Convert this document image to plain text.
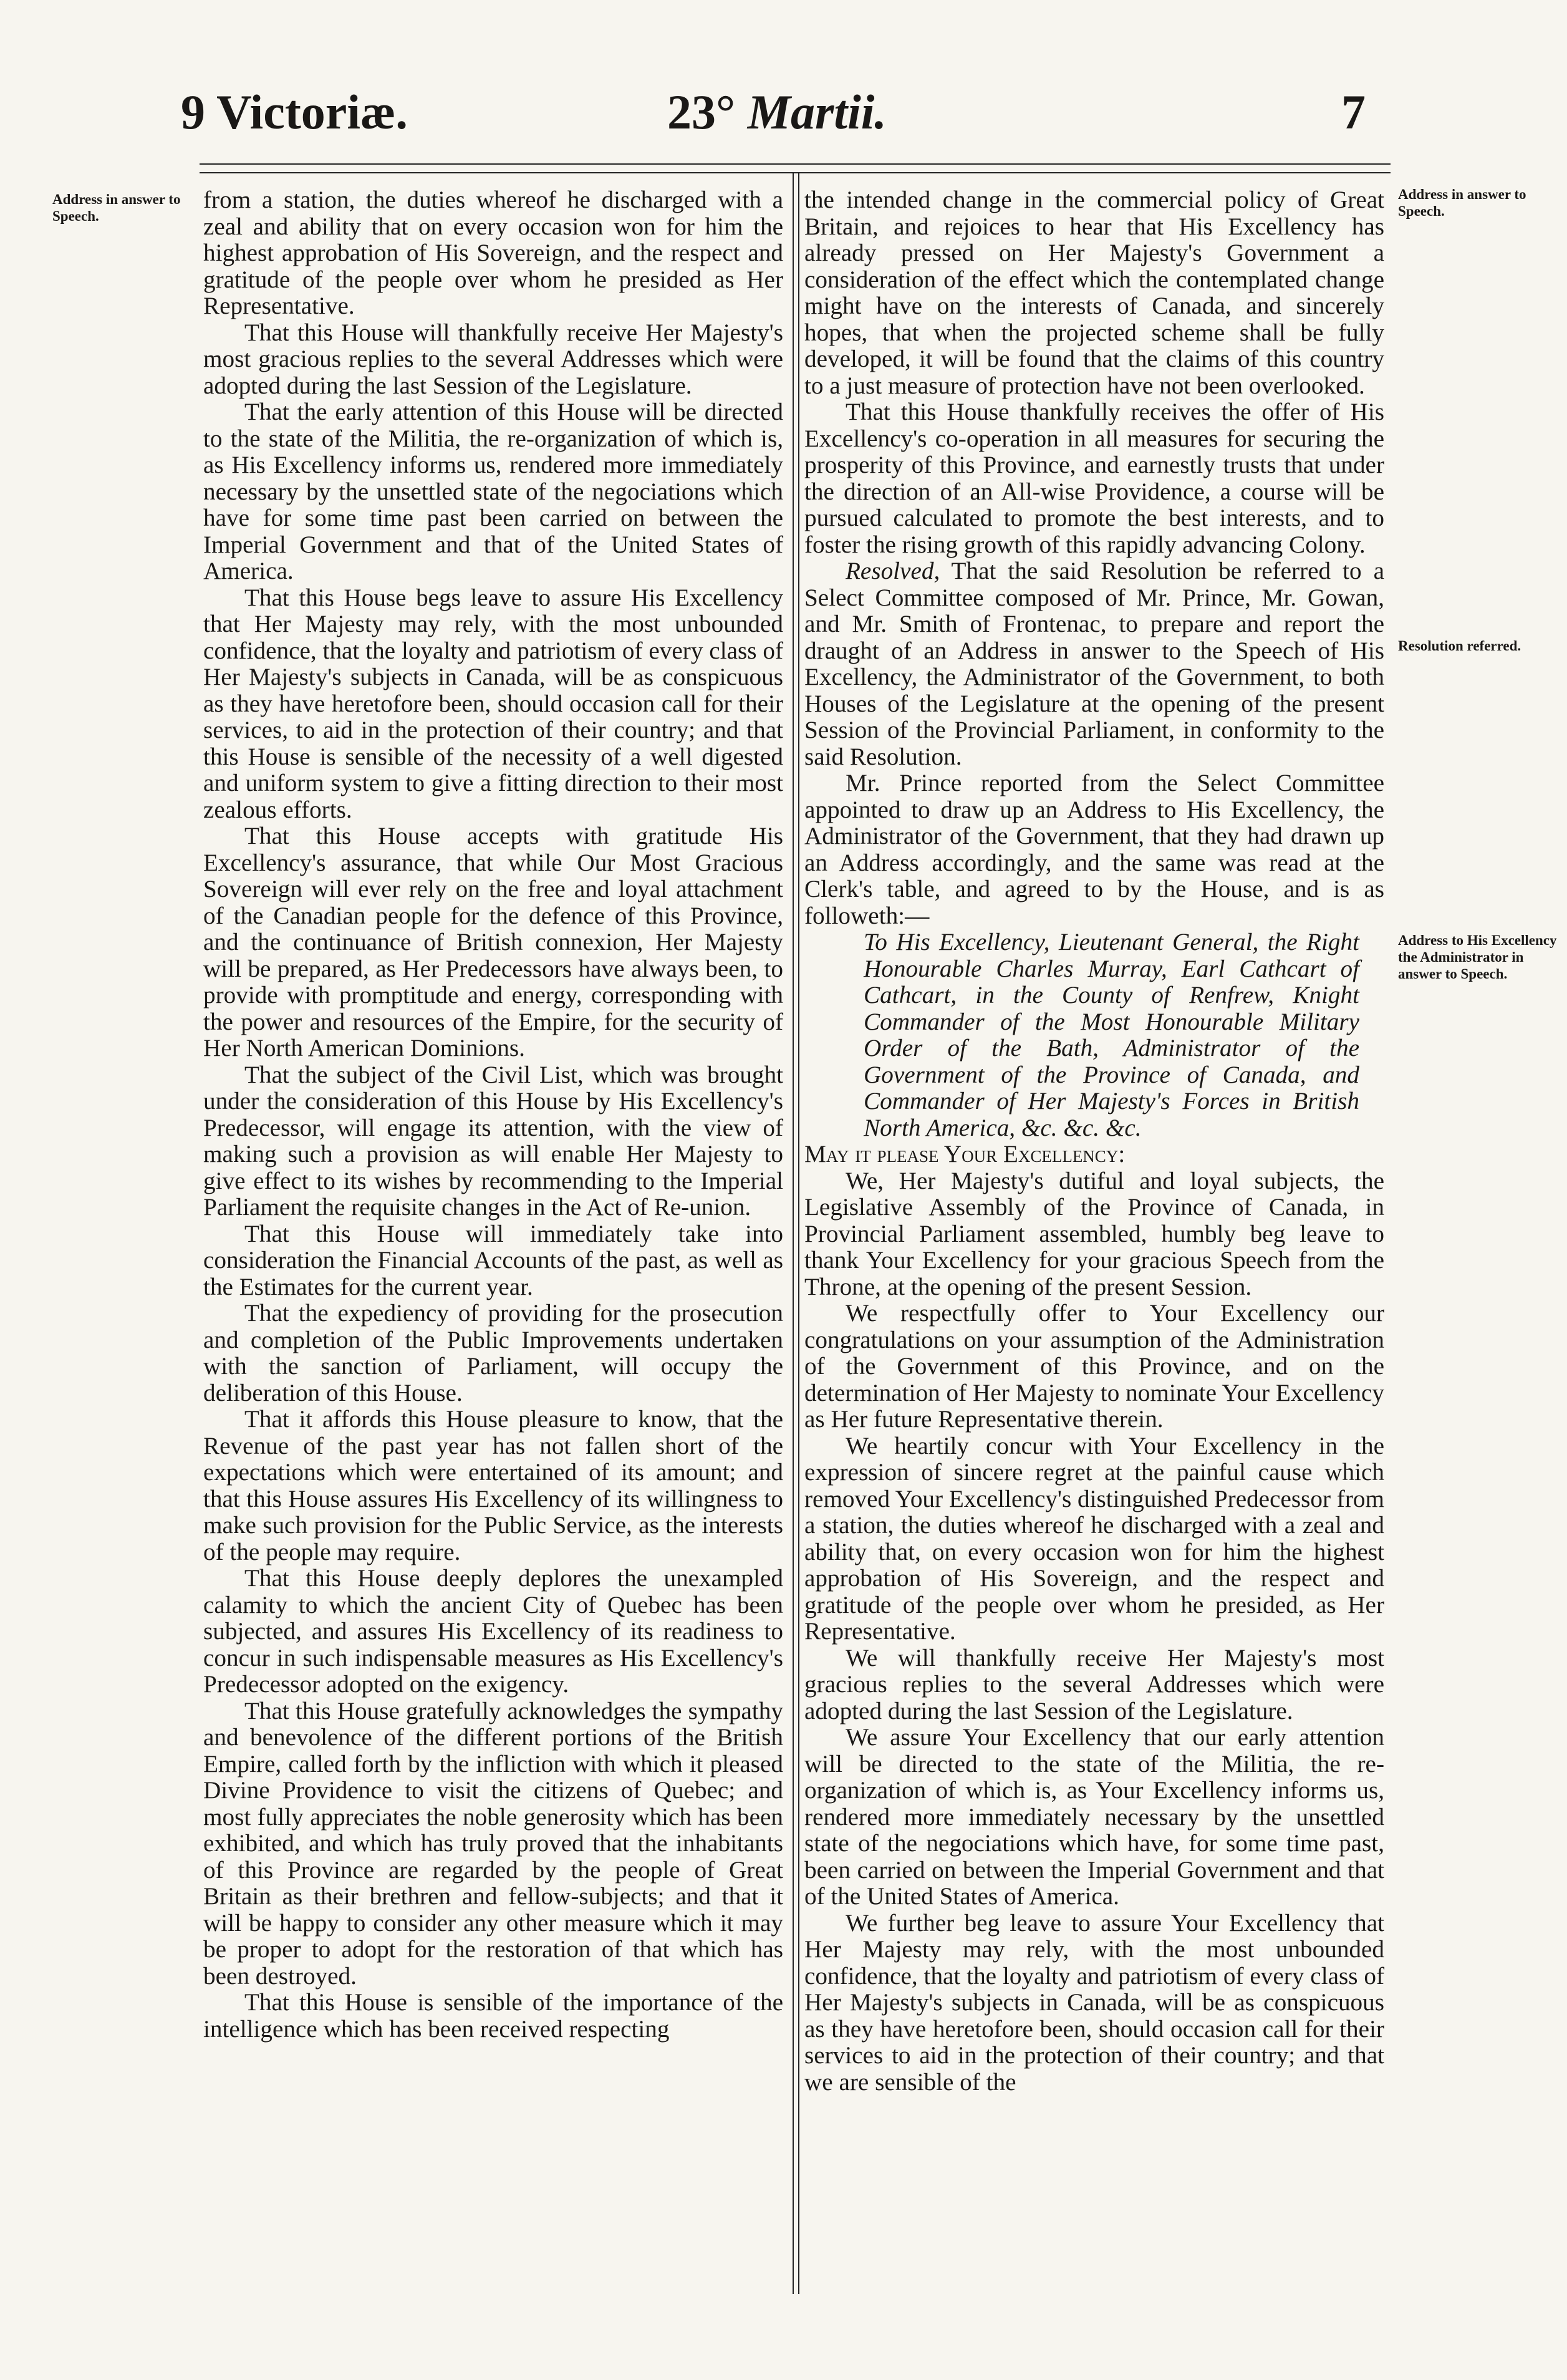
9 Victoriæ.	23° Martii.	7
Address in answer to Speech.
Address in answer to Speech.
Resolution referred.
Address to His Excellency the Administrator in answer to Speech.

from a station, the duties whereof he discharged with a zeal and ability that on every occasion won for him the highest approbation of His Sovereign, and the respect and gratitude of the people over whom he presided as Her Representative.

That this House will thankfully receive Her Majesty's most gracious replies to the several Addresses which were adopted during the last Session of the Legislature.

That the early attention of this House will be directed to the state of the Militia, the re-organization of which is, as His Excellency informs us, rendered more immediately necessary by the unsettled state of the negociations which have for some time past been carried on between the Imperial Government and that of the United States of America.

That this House begs leave to assure His Excellency that Her Majesty may rely, with the most unbounded confidence, that the loyalty and patriotism of every class of Her Majesty's subjects in Canada, will be as conspicuous as they have heretofore been, should occasion call for their services, to aid in the protection of their country; and that this House is sensible of the necessity of a well digested and uniform system to give a fitting direction to their most zealous efforts.

That this House accepts with gratitude His Excellency's assurance, that while Our Most Gracious Sovereign will ever rely on the free and loyal attachment of the Canadian people for the defence of this Province, and the continuance of British connexion, Her Majesty will be prepared, as Her Predecessors have always been, to provide with promptitude and energy, corresponding with the power and resources of the Empire, for the security of Her North American Dominions.

That the subject of the Civil List, which was brought under the consideration of this House by His Excellency's Predecessor, will engage its attention, with the view of making such a provision as will enable Her Majesty to give effect to its wishes by recommending to the Imperial Parliament the requisite changes in the Act of Re-union.

That this House will immediately take into consideration the Financial Accounts of the past, as well as the Estimates for the current year.

That the expediency of providing for the prosecution and completion of the Public Improvements undertaken with the sanction of Parliament, will occupy the deliberation of this House.

That it affords this House pleasure to know, that the Revenue of the past year has not fallen short of the expectations which were entertained of its amount; and that this House assures His Excellency of its willingness to make such provision for the Public Service, as the interests of the people may require.

That this House deeply deplores the unexampled calamity to which the ancient City of Quebec has been subjected, and assures His Excellency of its readiness to concur in such indispensable measures as His Excellency's Predecessor adopted on the exigency.

That this House gratefully acknowledges the sympathy and benevolence of the different portions of the British Empire, called forth by the infliction with which it pleased Divine Providence to visit the citizens of Quebec; and most fully appreciates the noble generosity which has been exhibited, and which has truly proved that the inhabitants of this Province are regarded by the people of Great Britain as their brethren and fellow-subjects; and that it will be happy to consider any other measure which it may be proper to adopt for the restoration of that which has been destroyed.

That this House is sensible of the importance of the intelligence which has been received respecting

the intended change in the commercial policy of Great Britain, and rejoices to hear that His Excellency has already pressed on Her Majesty's Government a consideration of the effect which the contemplated change might have on the interests of Canada, and sincerely hopes, that when the projected scheme shall be fully developed, it will be found that the claims of this country to a just measure of protection have not been overlooked.

That this House thankfully receives the offer of His Excellency's co-operation in all measures for securing the prosperity of this Province, and earnestly trusts that under the direction of an All-wise Providence, a course will be pursued calculated to promote the best interests, and to foster the rising growth of this rapidly advancing Colony.

Resolved, That the said Resolution be referred to a Select Committee composed of Mr. Prince, Mr. Gowan, and Mr. Smith of Frontenac, to prepare and report the draught of an Address in answer to the Speech of His Excellency, the Administrator of the Government, to both Houses of the Legislature at the opening of the present Session of the Provincial Parliament, in conformity to the said Resolution.

Mr. Prince reported from the Select Committee appointed to draw up an Address to His Excellency, the Administrator of the Government, that they had drawn up an Address accordingly, and the same was read at the Clerk's table, and agreed to by the House, and is as followeth:—

To His Excellency, Lieutenant General, the Right Honourable Charles Murray, Earl Cathcart of Cathcart, in the County of Renfrew, Knight Commander of the Most Honourable Military Order of the Bath, Administrator of the Government of the Province of Canada, and Commander of Her Majesty's Forces in British North America, &c. &c. &c.

May it please Your Excellency:

We, Her Majesty's dutiful and loyal subjects, the Legislative Assembly of the Province of Canada, in Provincial Parliament assembled, humbly beg leave to thank Your Excellency for your gracious Speech from the Throne, at the opening of the present Session.

We respectfully offer to Your Excellency our congratulations on your assumption of the Administration of the Government of this Province, and on the determination of Her Majesty to nominate Your Excellency as Her future Representative therein.

We heartily concur with Your Excellency in the expression of sincere regret at the painful cause which removed Your Excellency's distinguished Predecessor from a station, the duties whereof he discharged with a zeal and ability that, on every occasion won for him the highest approbation of His Sovereign, and the respect and gratitude of the people over whom he presided, as Her Representative.

We will thankfully receive Her Majesty's most gracious replies to the several Addresses which were adopted during the last Session of the Legislature.

We assure Your Excellency that our early attention will be directed to the state of the Militia, the re-organization of which is, as Your Excellency informs us, rendered more immediately necessary by the unsettled state of the negociations which have, for some time past, been carried on between the Imperial Government and that of the United States of America.

We further beg leave to assure Your Excellency that Her Majesty may rely, with the most unbounded confidence, that the loyalty and patriotism of every class of Her Majesty's subjects in Canada, will be as conspicuous as they have heretofore been, should occasion call for their services to aid in the protection of their country; and that we are sensible of the
